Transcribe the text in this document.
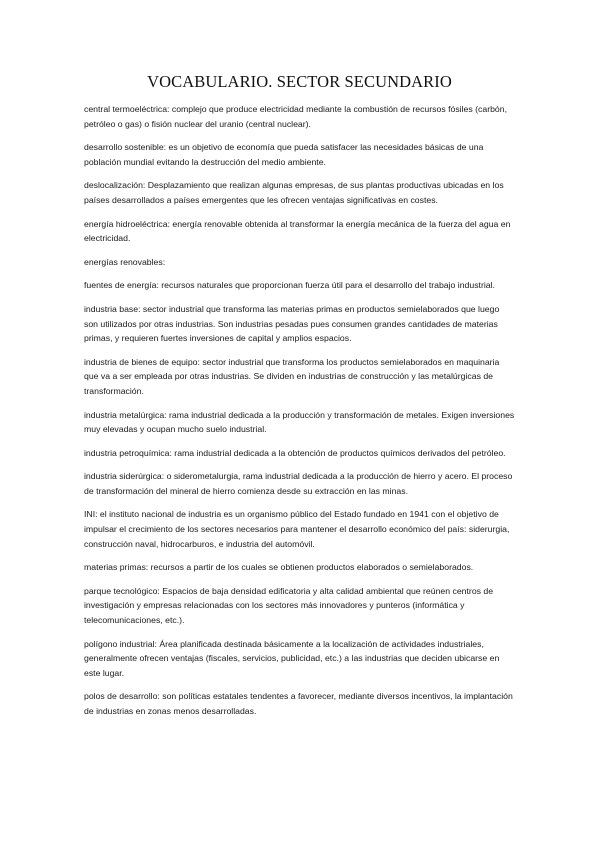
VOCABULARIO. SECTOR SECUNDARIO

central termoeléctrica: complejo que produce electricidad mediante la combustión de recursos fósiles (carbón, petróleo o gas) o fisión nuclear del uranio (central nuclear).

desarrollo sostenible: es un objetivo de economía que pueda satisfacer las necesidades básicas de una población mundial evitando la destrucción del medio ambiente.

deslocalización: Desplazamiento que realizan algunas empresas, de sus plantas productivas ubicadas en los países desarrollados a países emergentes que les ofrecen ventajas significativas en costes.

energía hidroeléctrica: energía renovable obtenida al transformar la energía mecánica de la fuerza del agua en electricidad.

energías renovables:

fuentes de energía: recursos naturales que proporcionan fuerza útil para el desarrollo del trabajo industrial.

industria base: sector industrial que transforma las materias primas en productos semielaborados que luego son utilizados por otras industrias. Son industrias pesadas pues consumen grandes cantidades de materias primas, y requieren fuertes inversiones de capital y amplios espacios.

industria de bienes de equipo: sector industrial que transforma los productos semielaborados en maquinaria que va a ser empleada por otras industrias. Se dividen en industrias de construcción y las metalúrgicas de transformación.

industria metalúrgica: rama industrial dedicada a la producción y transformación de metales. Exigen inversiones muy elevadas y ocupan mucho suelo industrial.

industria petroquímica: rama industrial dedicada a la obtención de productos químicos derivados del petróleo.

industria siderúrgica: o siderometalurgia, rama industrial dedicada a la producción de hierro y acero. El proceso de transformación del mineral de hierro comienza desde su extracción en las minas.

INI: el instituto nacional de industria es un organismo público del Estado fundado en 1941 con el objetivo de impulsar el crecimiento de los sectores necesarios para mantener el desarrollo económico del país: siderurgia, construcción naval, hidrocarburos, e industria del automóvil.

materias primas: recursos a partir de los cuales se obtienen productos elaborados o semielaborados.

parque tecnológico: Espacios de baja densidad edificatoria y alta calidad ambiental que reúnen centros de investigación y empresas relacionadas con los sectores más innovadores y punteros (informática y telecomunicaciones, etc.).

polígono industrial: Área planificada destinada básicamente a la localización de actividades industriales, generalmente ofrecen ventajas (fiscales, servicios, publicidad, etc.) a las industrias que deciden ubicarse en este lugar.

polos de desarrollo: son políticas estatales tendentes a favorecer, mediante diversos incentivos, la implantación de industrias en zonas menos desarrolladas.
